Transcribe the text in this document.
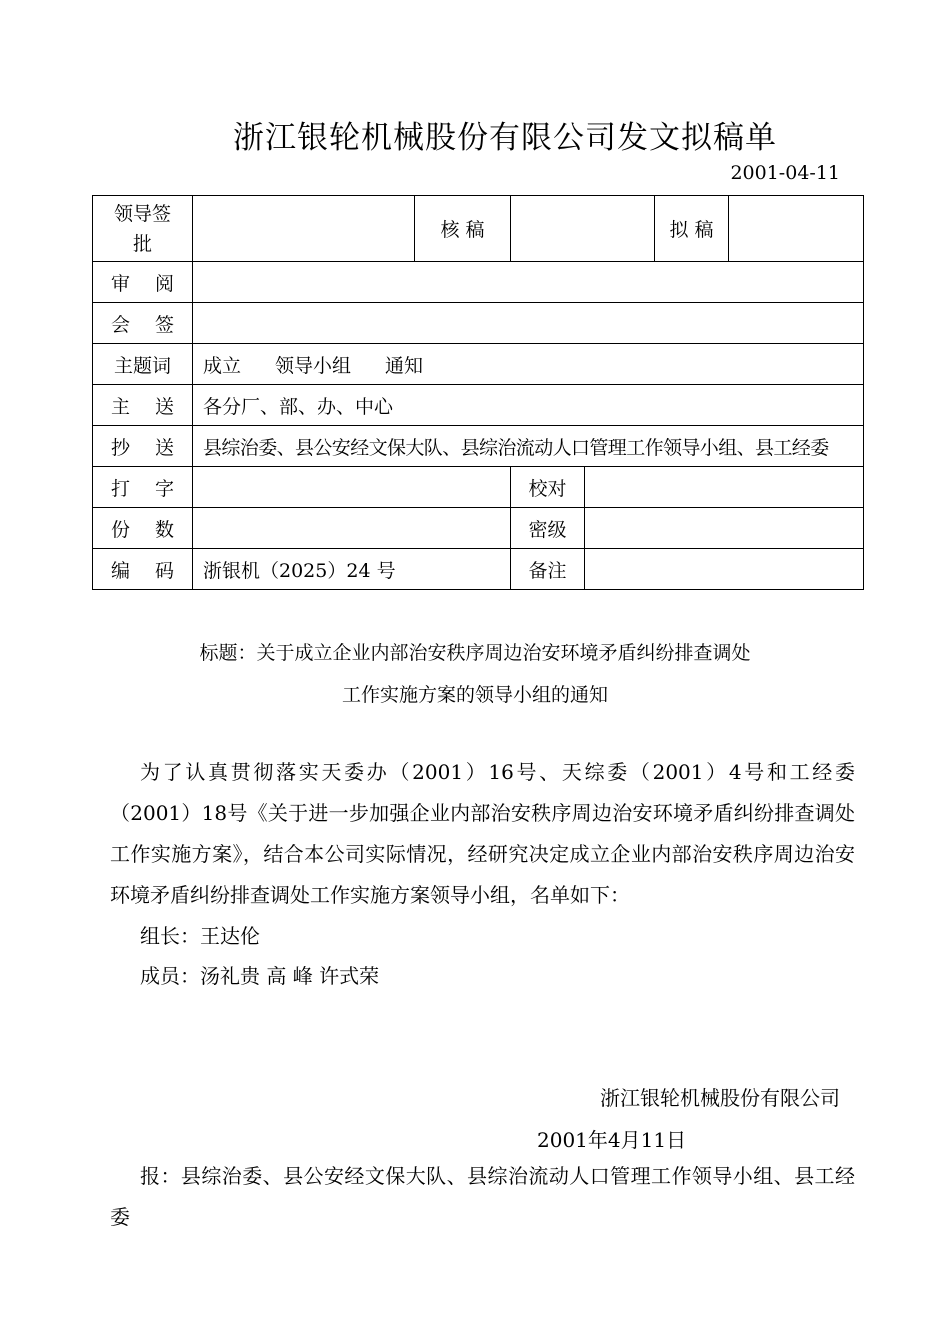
浙江银轮机械股份有限公司发文拟稿单
2001-04-11
领导签批		核 稿			拟 稿	
审 阅						
会 签						
主题词	成立 领导小组 通知					
主 送	各分厂、部、办、中心					
抄 送	县综治委、县公安经文保大队、县综治流动人口管理工作领导小组、县工经委					
打 字			校对			
份 数			密级			
编 码	浙银机（2025）24 号		备注			
标题：关于成立企业内部治安秩序周边治安环境矛盾纠纷排查调处
工作实施方案的领导小组的通知
为了认真贯彻落实天委办（2001）16号、天综委（2001）4号和工经委（2001）18号《关于进一步加强企业内部治安秩序周边治安环境矛盾纠纷排查调处工作实施方案》，结合本公司实际情况，经研究决定成立企业内部治安秩序周边治安环境矛盾纠纷排查调处工作实施方案领导小组，名单如下：
组长：王达伦
成员：汤礼贵 高 峰 许式荣
浙江银轮机械股份有限公司
2001年4月11日
报：县综治委、县公安经文保大队、县综治流动人口管理工作领导小组、县工经委
